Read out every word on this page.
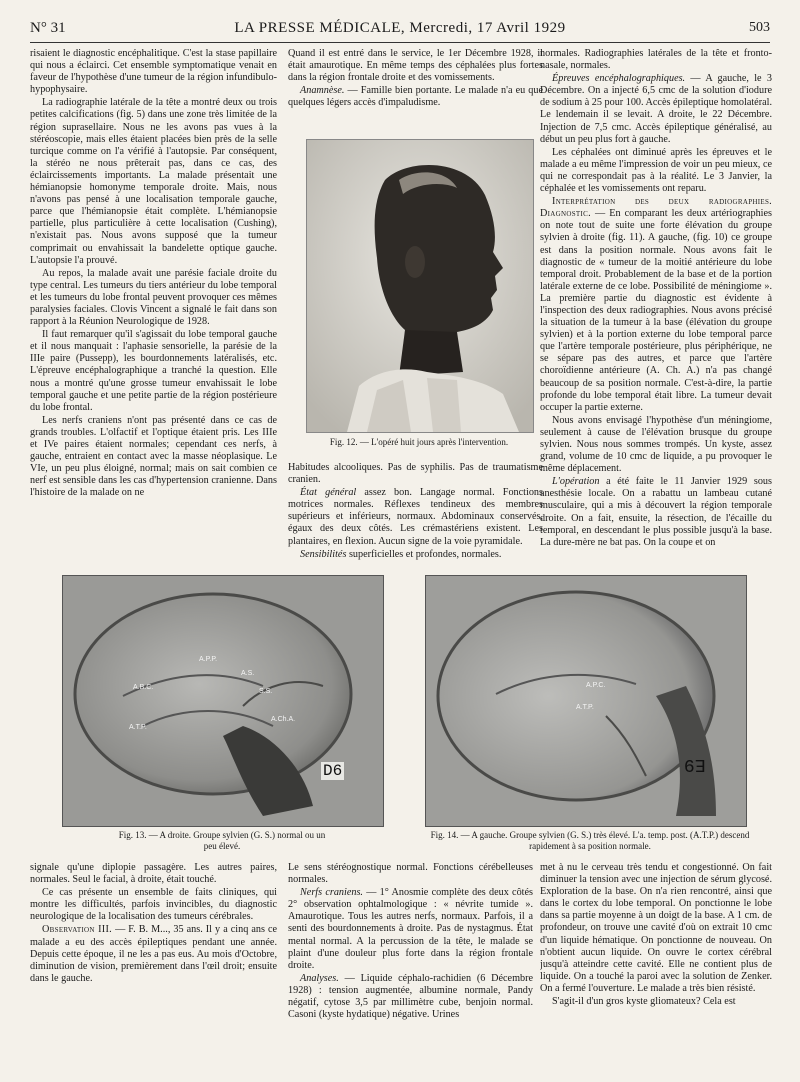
N° 31	LA PRESSE MÉDICALE, Mercredi, 17 Avril 1929	503

risaient le diagnostic encéphalitique. C'est la stase papillaire qui nous a éclairci. Cet ensemble symptomatique venait en faveur de l'hypothèse d'une tumeur de la région infundibulo-hypophysaire.

La radiographie latérale de la tête a montré deux ou trois petites calcifications (fig. 5) dans une zone très limitée de la région suprasellaire. Nous ne les avons pas vues à la stéréoscopie, mais elles étaient placées bien près de la selle turcique comme on l'a vérifié à l'autopsie. Par conséquent, la stéréo ne nous prêterait pas, dans ce cas, des éclaircissements importants. La malade présentait une hémianopsie homonyme temporale droite. Mais, nous n'avons pas pensé à une localisation temporale gauche, parce que l'hémianopsie était complète. L'hémianopsie partielle, plus particulière à cette localisation (Cushing), n'existait pas. Nous avons supposé que la tumeur comprimait ou envahissait la bandelette optique gauche. L'autopsie l'a prouvé.

Au repos, la malade avait une parésie faciale droite du type central. Les tumeurs du tiers antérieur du lobe temporal et les tumeurs du lobe frontal peuvent provoquer ces mêmes paralysies faciales. Clovis Vincent a signalé le fait dans son rapport à la Réunion Neurologique de 1928.

Il faut remarquer qu'il s'agissait du lobe temporal gauche et il nous manquait : l'aphasie sensorielle, la parésie de la IIIe paire (Pussepp), les bourdonnements latéralisés, etc. L'épreuve encéphalographique a tranché la question. Elle nous a montré qu'une grosse tumeur envahissait le lobe temporal gauche et une petite partie de la région postérieure du lobe frontal.

Les nerfs craniens n'ont pas présenté dans ce cas de grands troubles. L'olfactif et l'optique étaient pris. Les IIIe et IVe paires étaient normales; cependant ces nerfs, à gauche, entraient en contact avec la masse néoplasique. Le VIe, un peu plus éloigné, normal; mais on sait combien ce nerf est sensible dans les cas d'hypertension cranienne. Dans l'histoire de la malade on ne

Quand il est entré dans le service, le 1er Décembre 1928, il était amaurotique. En même temps des céphalées plus fortes dans la région frontale droite et des vomissements.

Anamnèse. — Famille bien portante. Le malade n'a eu que quelques légers accès d'impaludisme.

Fig. 12. — L'opéré huit jours après l'intervention.

Habitudes alcooliques. Pas de syphilis. Pas de traumatisme cranien.

État général assez bon. Langage normal. Fonctions motrices normales. Réflexes tendineux des membres supérieurs et inférieurs, normaux. Abdominaux conservés, égaux des deux côtés. Les crémastériens existent. Les plantaires, en flexion. Aucun signe de la voie pyramidale.

Sensibilités superficielles et profondes, normales.

normales. Radiographies latérales de la tête et fronto-nasale, normales.

Épreuves encéphalographiques. — A gauche, le 3 Décembre. On a injecté 6,5 cmc de la solution d'iodure de sodium à 25 pour 100. Accès épileptique homolatéral. Le lendemain il se levait. A droite, le 22 Décembre. Injection de 7,5 cmc. Accès épileptique généralisé, au début un peu plus fort à gauche.

Les céphalées ont diminué après les épreuves et le malade a eu même l'impression de voir un peu mieux, ce qui ne correspondait pas à la réalité. Le 3 Janvier, la céphalée et les vomissements ont reparu.

Interprétation des deux radiographies. Diagnostic. — En comparant les deux artériographies on note tout de suite une forte élévation du groupe sylvien à droite (fig. 11). A gauche, (fig. 10) ce groupe est dans la position normale. Nous avons fait le diagnostic de « tumeur de la moitié antérieure du lobe temporal droit. Probablement de la base et de la portion latérale externe de ce lobe. Possibilité de méningiome ». La première partie du diagnostic est évidente à l'inspection des deux radiographies. Nous avons précisé la situation de la tumeur à la base (élévation du groupe sylvien) et à la portion externe du lobe temporal parce que l'artère temporale postérieure, plus périphérique, ne se sépare pas des autres, et parce que l'artère choroïdienne antérieure (A. Ch. A.) n'a pas changé beaucoup de sa position normale. C'est-à-dire, la partie profonde du lobe temporal était libre. La tumeur devait occuper la partie externe.

Nous avons envisagé l'hypothèse d'un méningiome, seulement à cause de l'élévation brusque du groupe sylvien. Nous nous sommes trompés. Un kyste, assez grand, volume de 10 cmc de liquide, a pu provoquer le même déplacement.

L'opération a été faite le 11 Janvier 1929 sous anesthésie locale. On a rabattu un lambeau cutané musculaire, qui a mis à découvert la région temporale droite. On a fait, ensuite, la résection, de l'écaille du temporal, en descendant le plus possible jusqu'à la base. La dure-mère ne bat pas. On la coupe et on

A.P.P.
A.S.
A.B.C.
S.S.
A.T.P.
A.Ch.A.
D6
Fig. 13. — A droite. Groupe sylvien (G. S.) normal ou un peu élevé.
A.P.C.
A.T.P.
E9
Fig. 14. — A gauche. Groupe sylvien (G. S.) très élevé. L'a. temp. post. (A.T.P.) descend rapidement à sa position normale.

signale qu'une diplopie passagère. Les autres paires, normales. Seul le facial, à droite, était touché.

Ce cas présente un ensemble de faits cliniques, qui montre les difficultés, parfois invincibles, du diagnostic neurologique de la localisation des tumeurs cérébrales.

Observation III. — F. B. M..., 35 ans. Il y a cinq ans ce malade a eu des accès épileptiques pendant une année. Depuis cette époque, il ne les a pas eus. Au mois d'Octobre, diminution de vision, premièrement dans l'œil droit; ensuite dans le gauche.

Le sens stéréognostique normal. Fonctions cérébelleuses normales.

Nerfs craniens. — 1° Anosmie complète des deux côtés 2° observation ophtalmologique : « névrite tumide ». Amaurotique. Tous les autres nerfs, normaux. Parfois, il a senti des bourdonnements à droite. Pas de nystagmus. État mental normal. A la percussion de la tête, le malade se plaint d'une douleur plus forte dans la région frontale droite.

Analyses. — Liquide céphalo-rachidien (6 Décembre 1928) : tension augmentée, albumine normale, Pandy négatif, cytose 3,5 par millimètre cube, benjoin normal. Casoni (kyste hydatique) négative. Urines

met à nu le cerveau très tendu et congestionné. On fait diminuer la tension avec une injection de sérum glycosé. Exploration de la base. On n'a rien rencontré, ainsi que dans le cortex du lobe temporal. On ponctionne le lobe dans sa partie moyenne à un doigt de la base. A 1 cm. de profondeur, on trouve une cavité d'où on extrait 10 cmc d'un liquide hématique. On ponctionne de nouveau. On n'obtient aucun liquide. On ouvre le cortex cérébral jusqu'à atteindre cette cavité. Elle ne contient plus de liquide. On a touché la paroi avec la solution de Zenker. On a fermé l'ouverture. Le malade a très bien résisté.

S'agit-il d'un gros kyste gliomateux? Cela est
